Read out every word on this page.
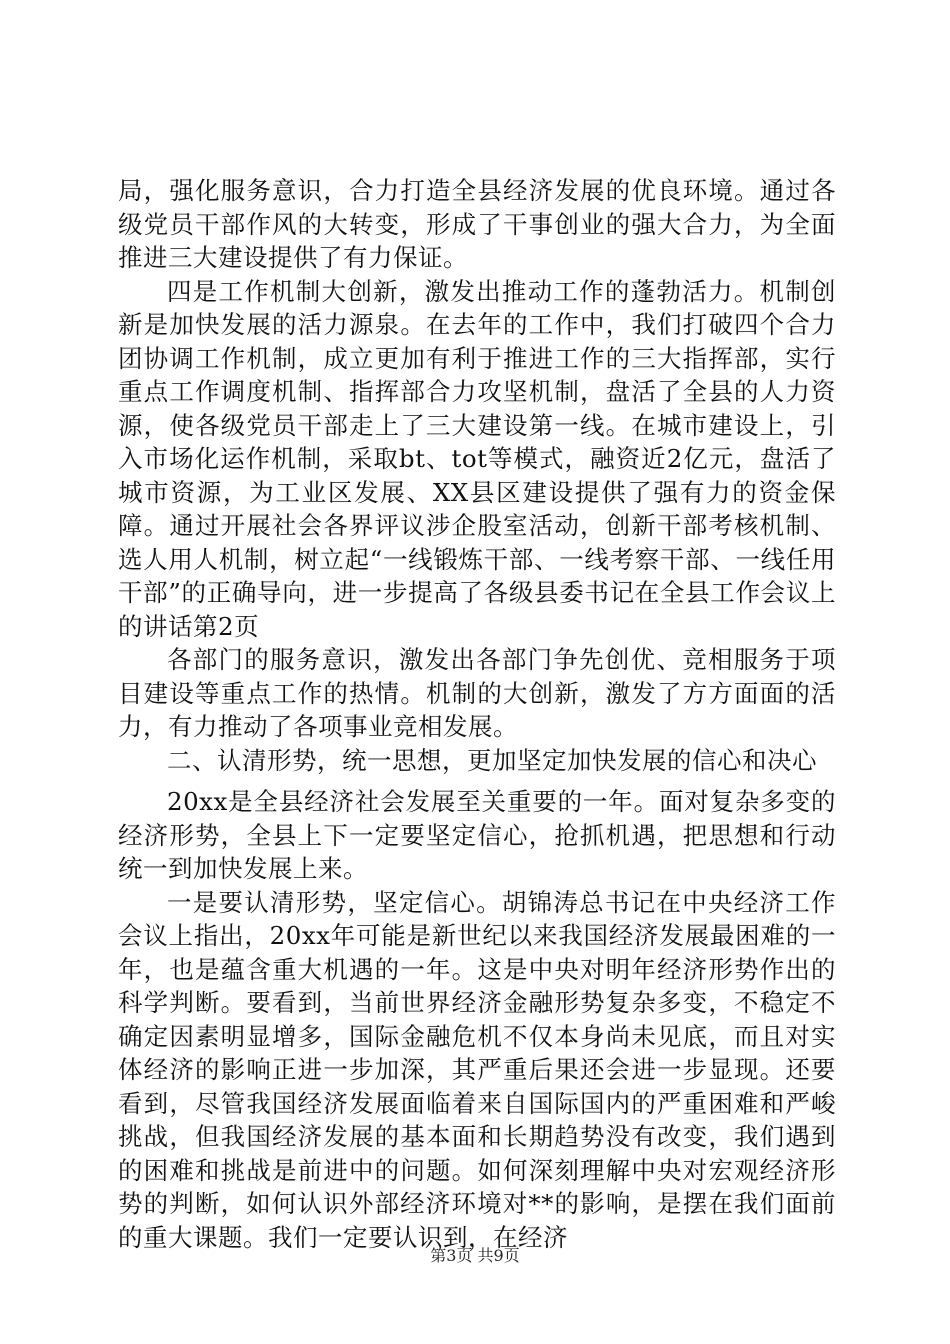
局，强化服务意识，合力打造全县经济发展的优良环境。通过各级党员干部作风的大转变，形成了干事创业的强大合力，为全面推进三大建设提供了有力保证。

四是工作机制大创新，激发出推动工作的蓬勃活力。机制创新是加快发展的活力源泉。在去年的工作中，我们打破四个合力团协调工作机制，成立更加有利于推进工作的三大指挥部，实行重点工作调度机制、指挥部合力攻坚机制，盘活了全县的人力资源，使各级党员干部走上了三大建设第一线。在城市建设上，引入市场化运作机制，采取bt、tot等模式，融资近2亿元，盘活了城市资源，为工业区发展、XX县区建设提供了强有力的资金保障。通过开展社会各界评议涉企股室活动，创新干部考核机制、选人用人机制，树立起“一线锻炼干部、一线考察干部、一线任用干部”的正确导向，进一步提高了各级县委书记在全县工作会议上的讲话第2页

各部门的服务意识，激发出各部门争先创优、竞相服务于项目建设等重点工作的热情。机制的大创新，激发了方方面面的活力，有力推动了各项事业竞相发展。

二、认清形势，统一思想，更加坚定加快发展的信心和决心

20xx是全县经济社会发展至关重要的一年。面对复杂多变的经济形势，全县上下一定要坚定信心，抢抓机遇，把思想和行动统一到加快发展上来。

一是要认清形势，坚定信心。胡锦涛总书记在中央经济工作会议上指出，20xx年可能是新世纪以来我国经济发展最困难的一年，也是蕴含重大机遇的一年。这是中央对明年经济形势作出的科学判断。要看到，当前世界经济金融形势复杂多变，不稳定不确定因素明显增多，国际金融危机不仅本身尚未见底，而且对实体经济的影响正进一步加深，其严重后果还会进一步显现。还要看到，尽管我国经济发展面临着来自国际国内的严重困难和严峻挑战，但我国经济发展的基本面和长期趋势没有改变，我们遇到的困难和挑战是前进中的问题。如何深刻理解中央对宏观经济形势的判断，如何认识外部经济环境对**的影响，是摆在我们面前的重大课题。我们一定要认识到，在经济

第3页 共9页
